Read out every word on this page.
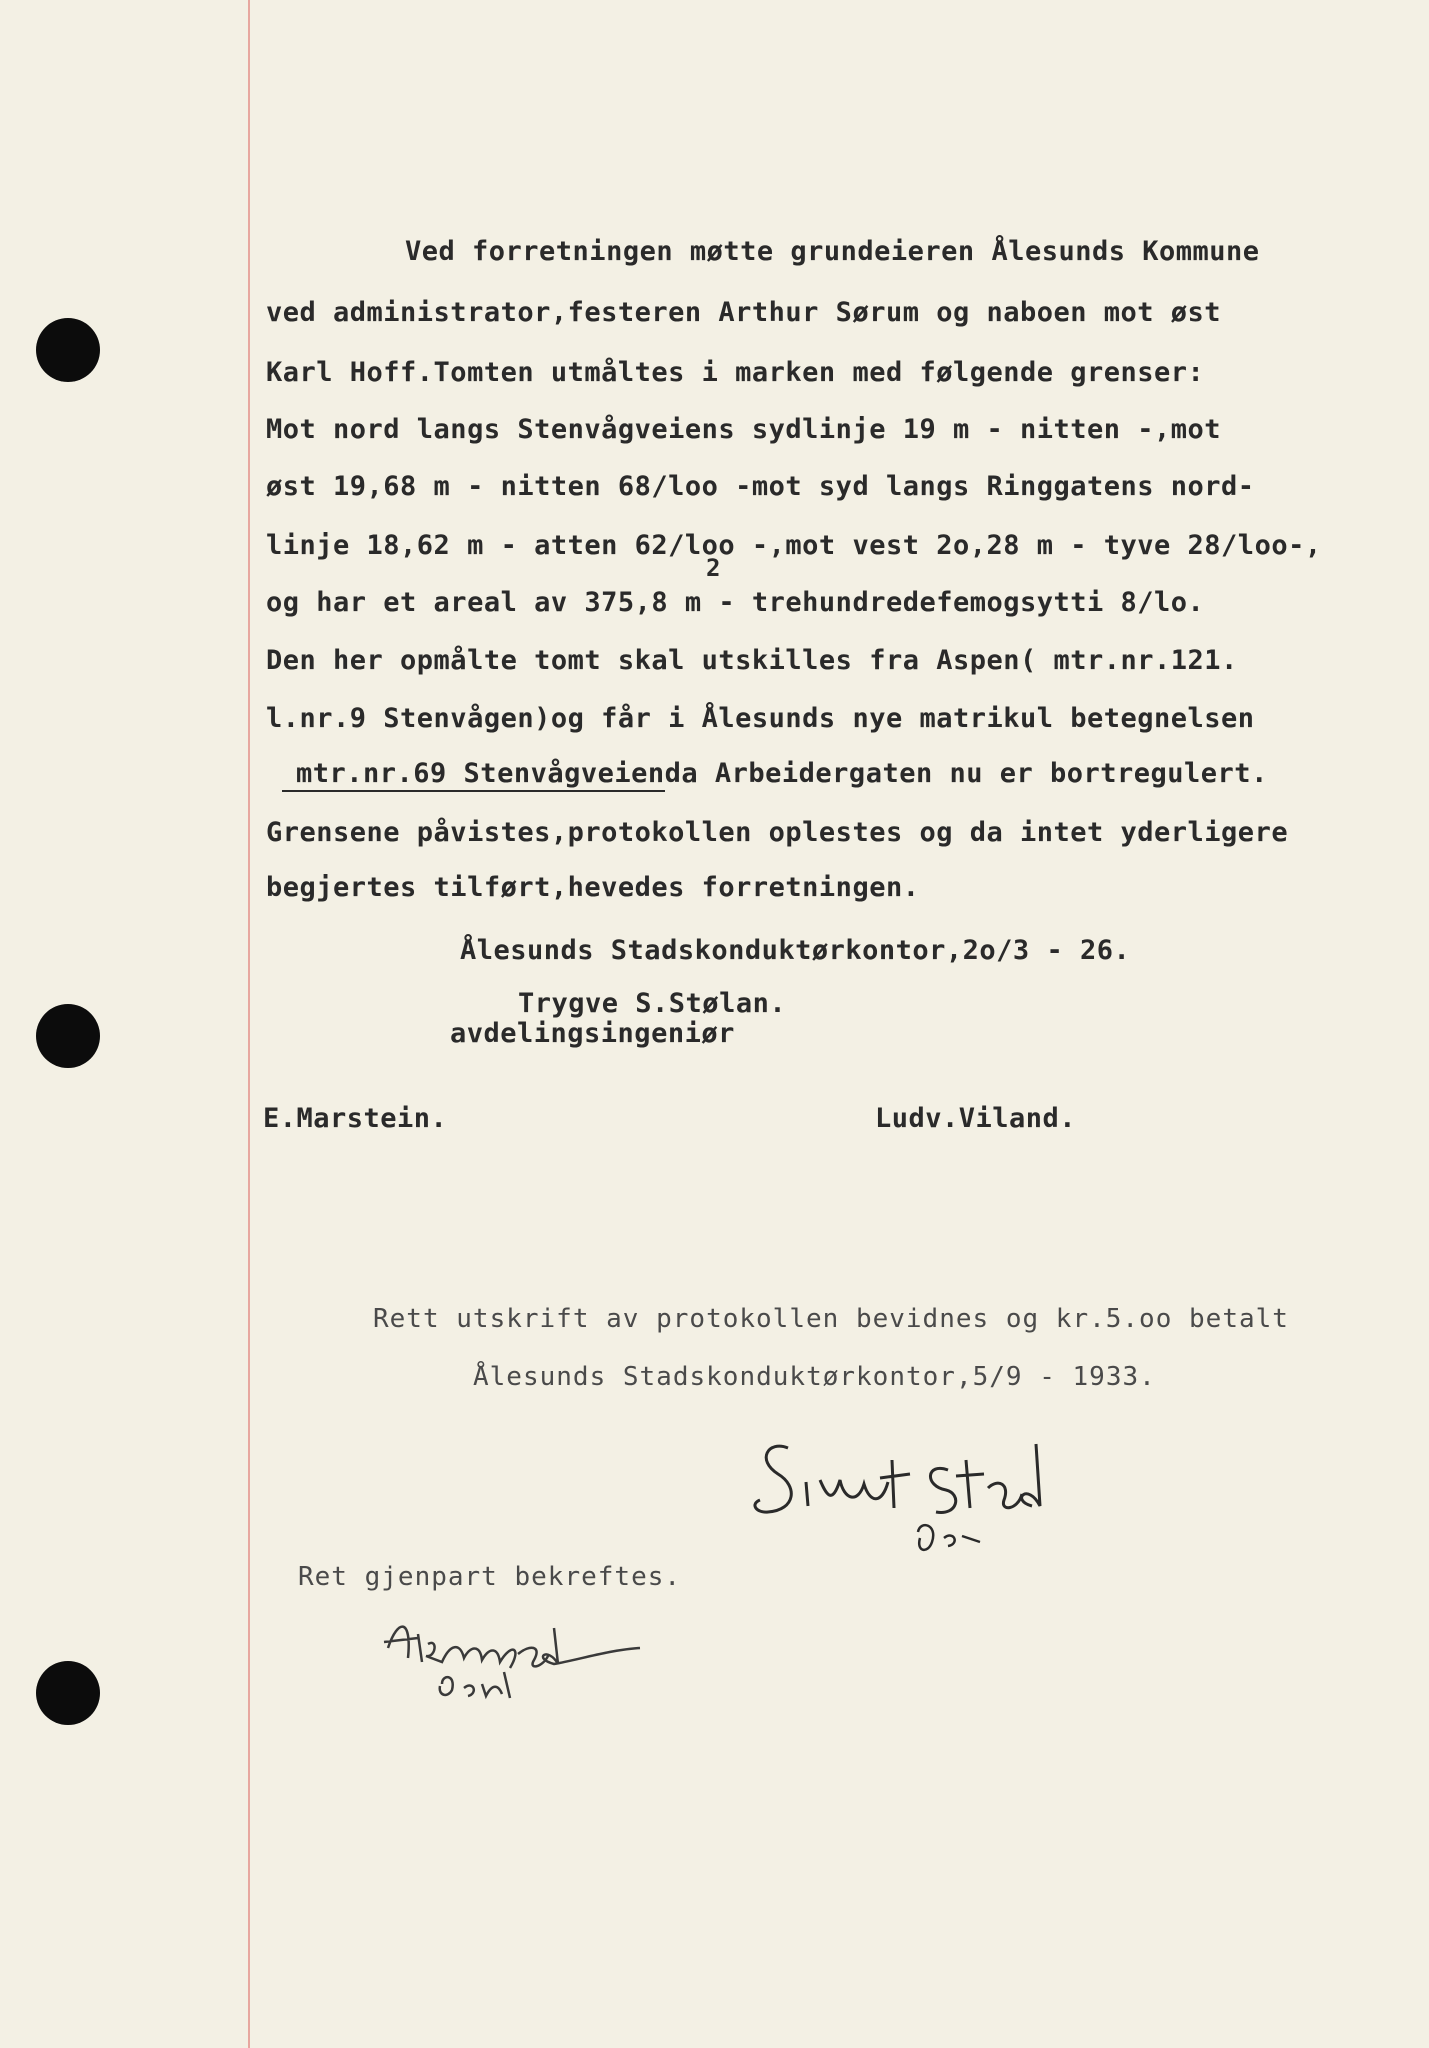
Ved forretningen møtte grundeieren Ålesunds Kommune
ved administrator,festeren Arthur Sørum og naboen mot øst
Karl Hoff.Tomten utmåltes i marken med følgende grenser:
Mot nord langs Stenvågveiens sydlinje 19 m - nitten -,mot
øst 19,68 m - nitten 68/loo -mot syd langs Ringgatens nord-
linje 18,62 m - atten 62/loo -,mot vest 2o,28 m - tyve 28/loo-,
2
og har et areal av 375,8 m - trehundredefemogsytti 8/lo.
Den her opmålte tomt skal utskilles fra Aspen( mtr.nr.121.
l.nr.9 Stenvågen)og får i Ålesunds nye matrikul betegnelsen
mtr.nr.69 Stenvågveienda Arbeidergaten nu er bortregulert.
Grensene påvistes,protokollen oplestes og da intet yderligere
begjertes tilført,hevedes forretningen.
Ålesunds Stadskonduktørkontor,2o/3 - 26.
Trygve S.Stølan.
avdelingsingeniør
E.Marstein.	Ludv.Viland.
Rett utskrift av protokollen bevidnes og kr.5.oo betalt
Ålesunds Stadskonduktørkontor,5/9 - 1933.
Ret gjenpart bekreftes.
